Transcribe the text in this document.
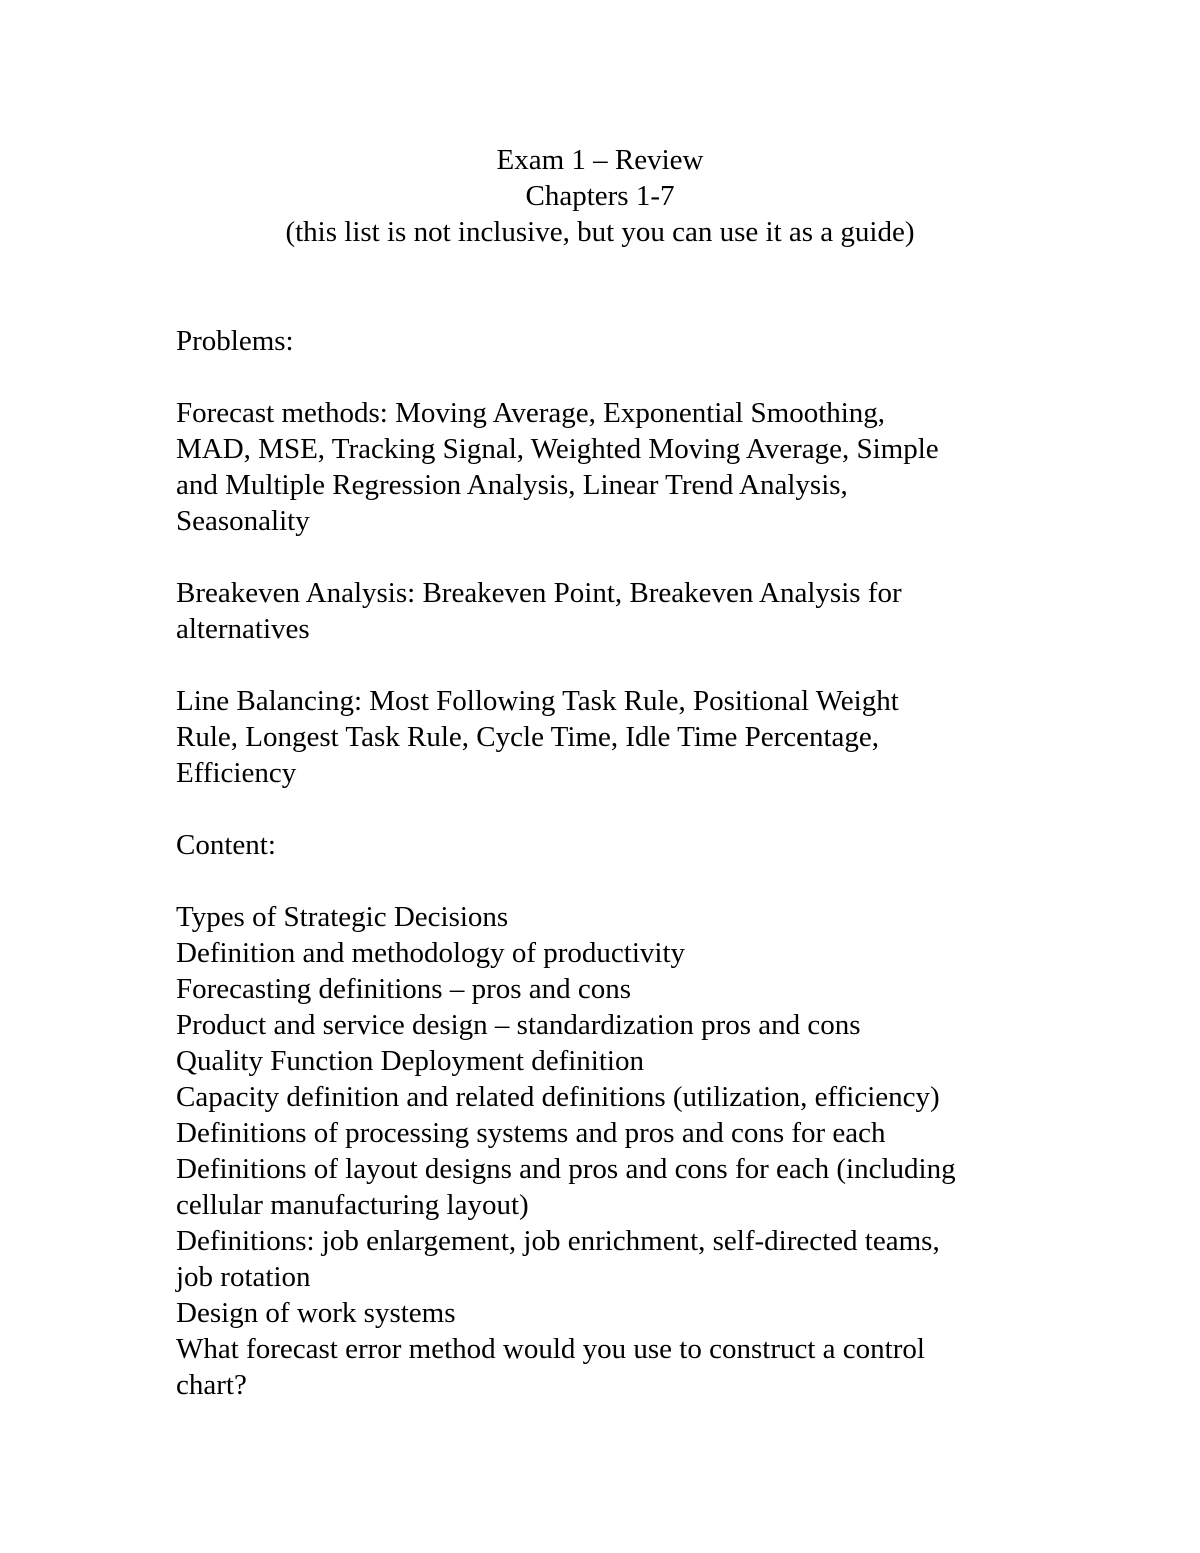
Exam 1 – Review
Chapters 1-7
(this list is not inclusive, but you can use it as a guide)
Problems:
Forecast methods: Moving Average, Exponential Smoothing,
MAD, MSE, Tracking Signal, Weighted Moving Average, Simple
and Multiple Regression Analysis, Linear Trend Analysis,
Seasonality
Breakeven Analysis: Breakeven Point, Breakeven Analysis for
alternatives
Line Balancing: Most Following Task Rule, Positional Weight
Rule, Longest Task Rule, Cycle Time, Idle Time Percentage,
Efficiency
Content:
Types of Strategic Decisions
Definition and methodology of productivity
Forecasting definitions – pros and cons
Product and service design – standardization pros and cons
Quality Function Deployment definition
Capacity definition and related definitions (utilization, efficiency)
Definitions of processing systems and pros and cons for each
Definitions of layout designs and pros and cons for each (including
cellular manufacturing layout)
Definitions: job enlargement, job enrichment, self-directed teams,
job rotation
Design of work systems
What forecast error method would you use to construct a control
chart?
